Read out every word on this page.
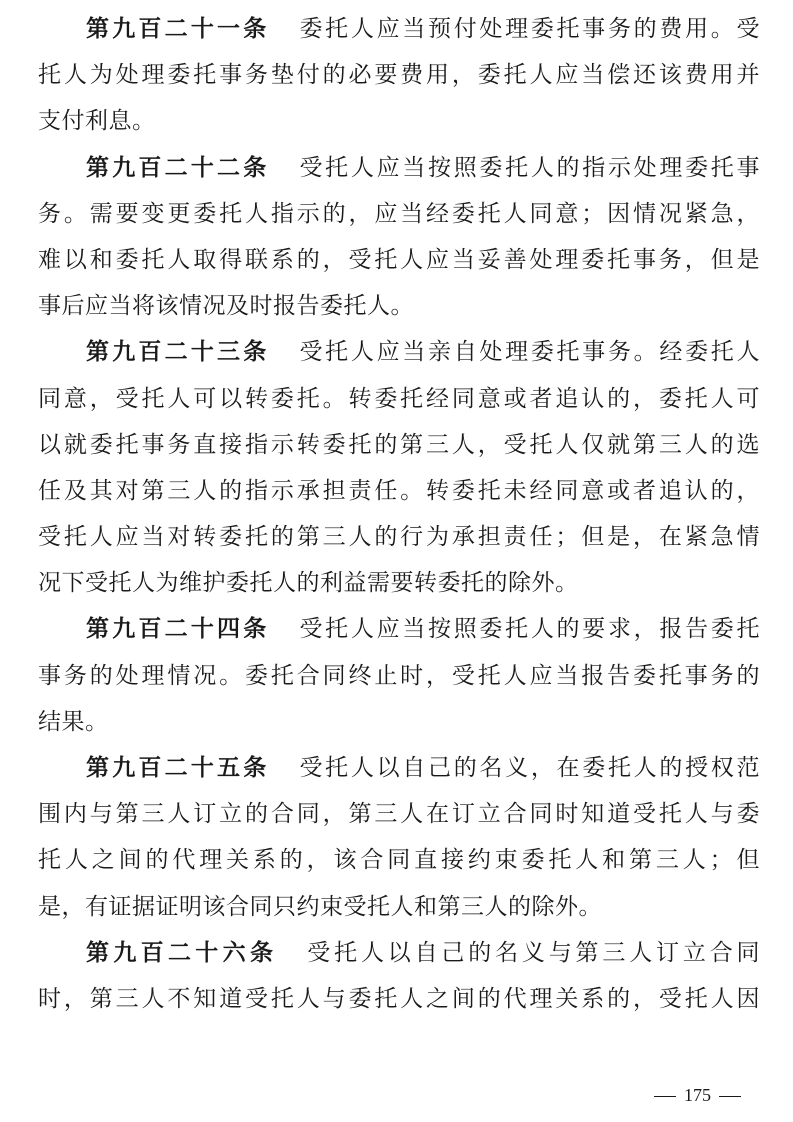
第九百二十一条 委托人应当预付处理委托事务的费用。受
托人为处理委托事务垫付的必要费用，委托人应当偿还该费用并
支付利息。
第九百二十二条 受托人应当按照委托人的指示处理委托事
务。需要变更委托人指示的，应当经委托人同意；因情况紧急，
难以和委托人取得联系的，受托人应当妥善处理委托事务，但是
事后应当将该情况及时报告委托人。
第九百二十三条 受托人应当亲自处理委托事务。经委托人
同意，受托人可以转委托。转委托经同意或者追认的，委托人可
以就委托事务直接指示转委托的第三人，受托人仅就第三人的选
任及其对第三人的指示承担责任。转委托未经同意或者追认的，
受托人应当对转委托的第三人的行为承担责任；但是，在紧急情
况下受托人为维护委托人的利益需要转委托的除外。
第九百二十四条 受托人应当按照委托人的要求，报告委托
事务的处理情况。委托合同终止时，受托人应当报告委托事务的
结果。
第九百二十五条 受托人以自己的名义，在委托人的授权范
围内与第三人订立的合同，第三人在订立合同时知道受托人与委
托人之间的代理关系的，该合同直接约束委托人和第三人；但
是，有证据证明该合同只约束受托人和第三人的除外。
第九百二十六条 受托人以自己的名义与第三人订立合同
时，第三人不知道受托人与委托人之间的代理关系的，受托人因
175
